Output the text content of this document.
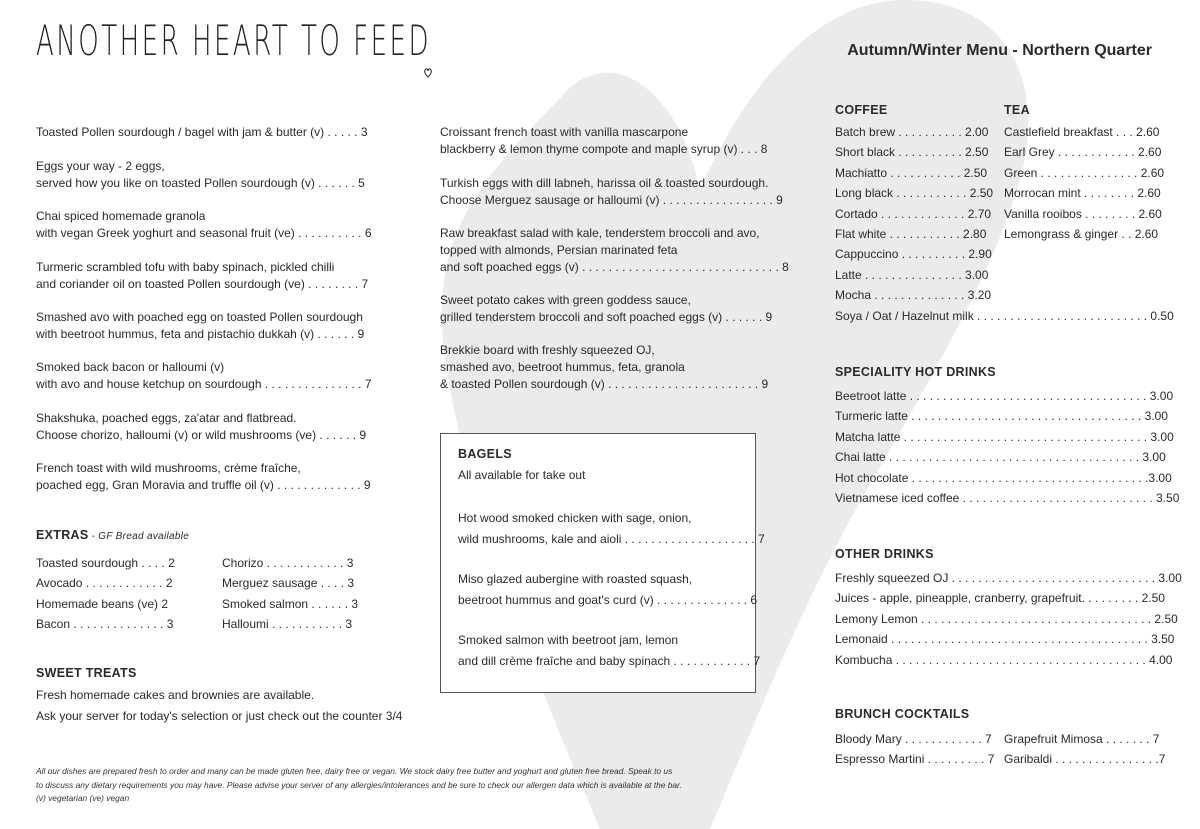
ANOTHER HEART TO FEED	Autumn/Winter Menu - Northern Quarter
Toasted Pollen sourdough / bagel with jam & butter (v) . . . . . 3
Eggs your way - 2 eggs,
served how you like on toasted Pollen sourdough (v) . . . . . . 5
Chai spiced homemade granola
with vegan Greek yoghurt and seasonal fruit (ve) . . . . . . . . . . 6
Turmeric scrambled tofu with baby spinach, pickled chilli
and coriander oil on toasted Pollen sourdough (ve) . . . . . . . . 7
Smashed avo with poached egg on toasted Pollen sourdough
with beetroot hummus, feta and pistachio dukkah (v) . . . . . . 9
Smoked back bacon or halloumi (v)
with avo and house ketchup on sourdough . . . . . . . . . . . . . . . 7
Shakshuka, poached eggs, za'atar and flatbread.
Choose chorizo, halloumi (v) or wild mushrooms (ve) . . . . . . 9
French toast with wild mushrooms, crème fraîche,
poached egg, Gran Moravia and truffle oil (v) . . . . . . . . . . . . . 9
EXTRAS - GF Bread available
Toasted sourdough . . . . 2
Avocado . . . . . . . . . . . . 2
Homemade beans (ve) 2
Bacon . . . . . . . . . . . . . . 3
Chorizo . . . . . . . . . . . . 3
Merguez sausage . . . . 3
Smoked salmon . . . . . . 3
Halloumi . . . . . . . . . . . 3
SWEET TREATS
Fresh homemade cakes and brownies are available.
Ask your server for today's selection or just check out the counter 3/4
Croissant french toast with vanilla mascarpone
blackberry & lemon thyme compote and maple syrup (v) . . . 8
Turkish eggs with dill labneh, harissa oil & toasted sourdough.
Choose Merguez sausage or halloumi (v) . . . . . . . . . . . . . . . . . 9
Raw breakfast salad with kale, tenderstem broccoli and avo,
topped with almonds, Persian marinated feta
and soft poached eggs (v) . . . . . . . . . . . . . . . . . . . . . . . . . . . . . . 8
Sweet potato cakes with green goddess sauce,
grilled tenderstem broccoli and soft poached eggs (v) . . . . . . 9
Brekkie board with freshly squeezed OJ,
smashed avo, beetroot hummus, feta, granola
& toasted Pollen sourdough (v) . . . . . . . . . . . . . . . . . . . . . . . 9
BAGELS
All available for take out
Hot wood smoked chicken with sage, onion,
wild mushrooms, kale and aioli . . . . . . . . . . . . . . . . . . . . 7
Miso glazed aubergine with roasted squash,
beetroot hummus and goat's curd (v) . . . . . . . . . . . . . . 6
Smoked salmon with beetroot jam, lemon
and dill crème fraîche and baby spinach . . . . . . . . . . . . 7
COFFEE
Batch brew . . . . . . . . . . 2.00
Short black . . . . . . . . . . 2.50
Machiatto . . . . . . . . . . . 2.50
Long black . . . . . . . . . . . 2.50
Cortado . . . . . . . . . . . . . 2.70
Flat white . . . . . . . . . . . 2.80
Cappuccino . . . . . . . . . . 2.90
Latte . . . . . . . . . . . . . . . 3.00
Mocha . . . . . . . . . . . . . . 3.20
TEA
Castlefield breakfast . . . 2.60
Earl Grey . . . . . . . . . . . . 2.60
Green . . . . . . . . . . . . . . . 2.60
Morrocan mint . . . . . . . . 2.60
Vanilla rooibos . . . . . . . . 2.60
Lemongrass & ginger . . 2.60
Soya / Oat / Hazelnut milk . . . . . . . . . . . . . . . . . . . . . . . . . . 0.50
SPECIALITY HOT DRINKS
Beetroot latte . . . . . . . . . . . . . . . . . . . . . . . . . . . . . . . . . . . . 3.00
Turmeric latte . . . . . . . . . . . . . . . . . . . . . . . . . . . . . . . . . . . 3.00
Matcha latte . . . . . . . . . . . . . . . . . . . . . . . . . . . . . . . . . . . . . 3.00
Chai latte . . . . . . . . . . . . . . . . . . . . . . . . . . . . . . . . . . . . . . 3.00
Hot chocolate . . . . . . . . . . . . . . . . . . . . . . . . . . . . . . . . . . . .3.00
Vietnamese iced coffee . . . . . . . . . . . . . . . . . . . . . . . . . . . . . 3.50
OTHER DRINKS
Freshly squeezed OJ . . . . . . . . . . . . . . . . . . . . . . . . . . . . . . . 3.00
Juices - apple, pineapple, cranberry, grapefruit. . . . . . . . . 2.50
Lemony Lemon . . . . . . . . . . . . . . . . . . . . . . . . . . . . . . . . . . . 2.50
Lemonaid . . . . . . . . . . . . . . . . . . . . . . . . . . . . . . . . . . . . . . . 3.50
Kombucha . . . . . . . . . . . . . . . . . . . . . . . . . . . . . . . . . . . . . . 4.00
BRUNCH COCKTAILS
Bloody Mary . . . . . . . . . . . . 7
Espresso Martini . . . . . . . . . 7
Grapefruit Mimosa . . . . . . . 7
Garibaldi . . . . . . . . . . . . . . . .7
All our dishes are prepared fresh to order and many can be made gluten free, dairy free or vegan. We stock dairy free butter and yoghurt and gluten free bread. Speak to us
to discuss any dietary requirements you may have. Please advise your server of any allergies/intolerances and be sure to check our allergen data which is available at the bar.
(v) vegetarian (ve) vegan
